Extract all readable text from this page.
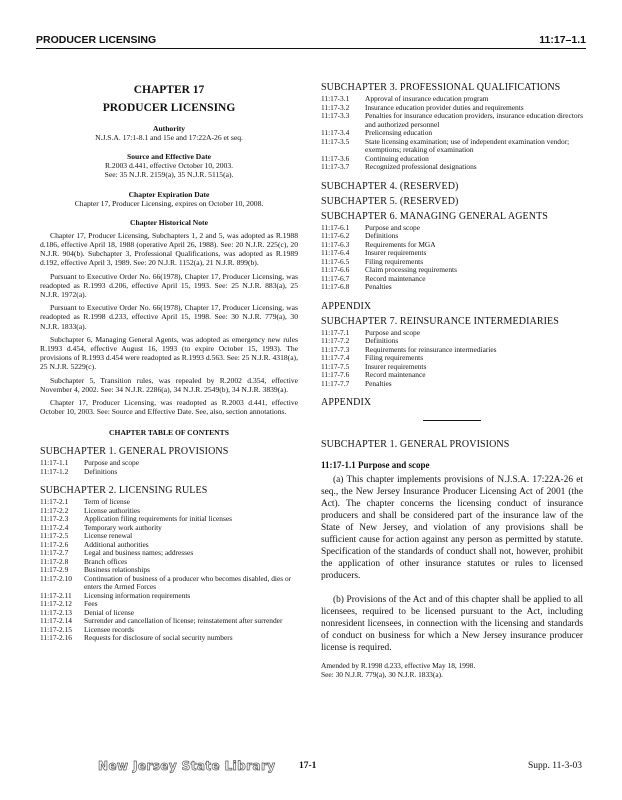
PRODUCER LICENSING	11:17–1.1
CHAPTER 17
PRODUCER LICENSING
Authority
N.J.S.A. 17:1-8.1 and 15e and 17:22A-26 et seq.
Source and Effective Date
R.2003 d.441, effective October 10, 2003.
See: 35 N.J.R. 2159(a), 35 N.J.R. 5115(a).
Chapter Expiration Date
Chapter 17, Producer Licensing, expires on October 10, 2008.
Chapter Historical Note
Chapter 17, Producer Licensing, Subchapters 1, 2 and 5, was adopted as R.1988 d.186, effective April 18, 1988 (operative April 26, 1988). See: 20 N.J.R. 225(c), 20 N.J.R. 904(b). Subchapter 3, Professional Qualifications, was adopted as R.1989 d.192, effective April 3, 1989. See: 20 N.J.R. 1152(a), 21 N.J.R. 899(b).
Pursuant to Executive Order No. 66(1978), Chapter 17, Producer Licensing, was readopted as R.1993 d.206, effective April 15, 1993. See: 25 N.J.R. 883(a), 25 N.J.R. 1972(a).
Pursuant to Executive Order No. 66(1978), Chapter 17, Producer Licensing, was readopted as R.1998 d.233, effective April 15, 1998. See: 30 N.J.R. 779(a), 30 N.J.R. 1833(a).
Subchapter 6, Managing General Agents, was adopted as emergency new rules R.1993 d.454, effective August 16, 1993 (to expire October 15, 1993). The provisions of R.1993 d.454 were readopted as R.1993 d.563. See: 25 N.J.R. 4318(a), 25 N.J.R. 5229(c).
Subchapter 5, Transition rules, was repealed by R.2002 d.354, effective November 4, 2002. See: 34 N.J.R. 2286(a), 34 N.J.R. 2549(b), 34 N.J.R. 3839(a).
Chapter 17, Producer Licensing, was readopted as R.2003 d.441, effective October 10, 2003. See: Source and Effective Date. See, also, section annotations.
CHAPTER TABLE OF CONTENTS
SUBCHAPTER 1. GENERAL PROVISIONS
11:17-1.1	Purpose and scope
11:17-1.2	Definitions
SUBCHAPTER 2. LICENSING RULES
11:17-2.1	Term of license
11:17-2.2	License authorities
11:17-2.3	Application filing requirements for initial licenses
11:17-2.4	Temporary work authority
11:17-2.5	License renewal
11:17-2.6	Additional authorities
11:17-2.7	Legal and business names; addresses
11:17-2.8	Branch offices
11:17-2.9	Business relationships
11:17-2.10	Continuation of business of a producer who becomes disabled, dies or enters the Armed Forces
11:17-2.11	Licensing information requirements
11:17-2.12	Fees
11:17-2.13	Denial of license
11:17-2.14	Surrender and cancellation of license; reinstatement after surrender
11:17-2.15	Licensee records
11:17-2.16	Requests for disclosure of social security numbers
SUBCHAPTER 3. PROFESSIONAL QUALIFICATIONS
11:17-3.1	Approval of insurance education program
11:17-3.2	Insurance education provider duties and requirements
11:17-3.3	Penalties for insurance education providers, insurance education directors and authorized personnel
11:17-3.4	Prelicensing education
11:17-3.5	State licensing examination; use of independent examination vendor; exemptions; retaking of examination
11:17-3.6	Continuing education
11:17-3.7	Recognized professional designations
SUBCHAPTER 4. (RESERVED)
SUBCHAPTER 5. (RESERVED)
SUBCHAPTER 6. MANAGING GENERAL AGENTS
11:17-6.1	Purpose and scope
11:17-6.2	Definitions
11:17-6.3	Requirements for MGA
11:17-6.4	Insurer requirements
11:17-6.5	Filing requirements
11:17-6.6	Claim processing requirements
11:17-6.7	Record maintenance
11:17-6.8	Penalties
APPENDIX
SUBCHAPTER 7. REINSURANCE INTERMEDIARIES
11:17-7.1	Purpose and scope
11:17-7.2	Definitions
11:17-7.3	Requirements for reinsurance intermediaries
11:17-7.4	Filing requirements
11:17-7.5	Insurer requirements
11:17-7.6	Record maintenance
11:17-7.7	Penalties
APPENDIX
SUBCHAPTER 1. GENERAL PROVISIONS
11:17-1.1 Purpose and scope
(a) This chapter implements provisions of N.J.S.A. 17:22A-26 et seq., the New Jersey Insurance Producer Licensing Act of 2001 (the Act). The chapter concerns the licensing conduct of insurance producers and shall be considered part of the insurance law of the State of New Jersey, and violation of any provisions shall be sufficient cause for action against any person as permitted by statute. Specification of the standards of conduct shall not, however, prohibit the application of other insurance statutes or rules to licensed producers.
(b) Provisions of the Act and of this chapter shall be applied to all licensees, required to be licensed pursuant to the Act, including nonresident licensees, in connection with the licensing and standards of conduct on business for which a New Jersey insurance producer license is required.
Amended by R.1998 d.233, effective May 18, 1998.
See: 30 N.J.R. 779(a), 30 N.J.R. 1833(a).
New Jersey State Library 17-1	Supp. 11-3-03
